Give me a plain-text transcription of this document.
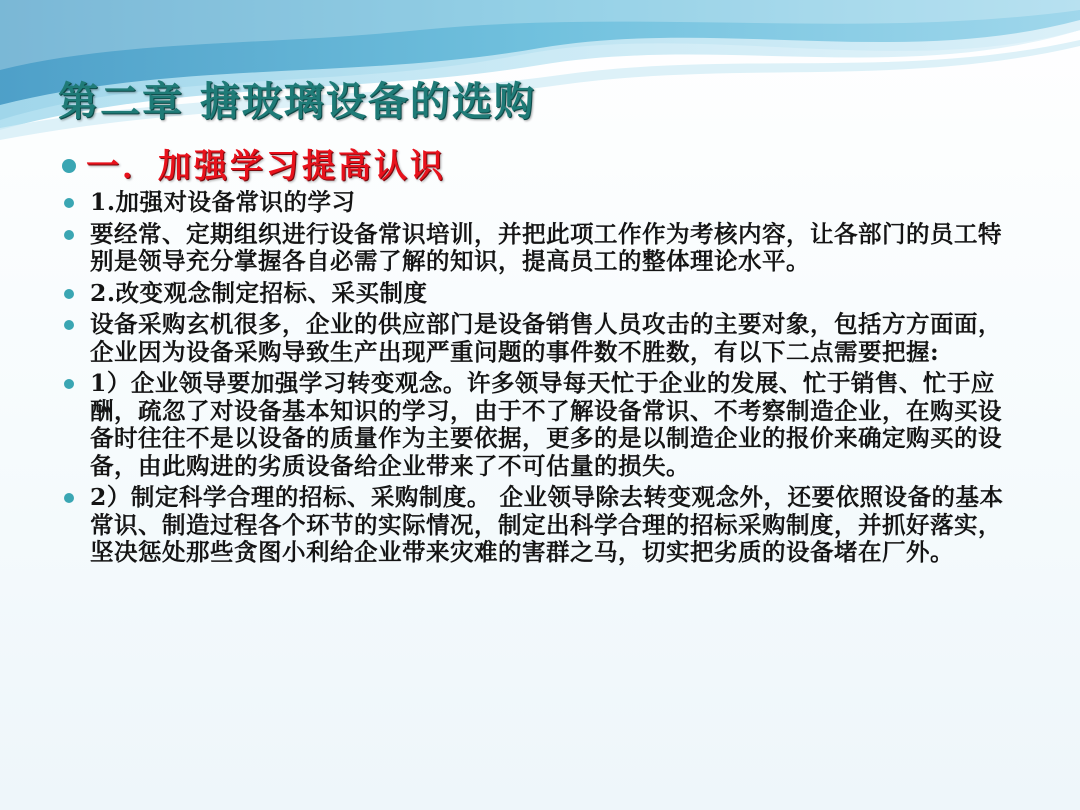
第二章 搪玻璃设备的选购
一．加强学习提高认识
1.加强对设备常识的学习
要经常、定期组织进行设备常识培训，并把此项工作作为考核内容，让各部门的员工特别是领导充分掌握各自必需了解的知识，提高员工的整体理论水平。
2.改变观念制定招标、采买制度
设备采购玄机很多，企业的供应部门是设备销售人员攻击的主要对象，包括方方面面，企业因为设备采购导致生产出现严重问题的事件数不胜数，有以下二点需要把握:
1）企业领导要加强学习转变观念。许多领导每天忙于企业的发展、忙于销售、忙于应酬，疏忽了对设备基本知识的学习，由于不了解设备常识、不考察制造企业，在购买设备时往往不是以设备的质量作为主要依据，更多的是以制造企业的报价来确定购买的设备，由此购进的劣质设备给企业带来了不可估量的损失。
2）制定科学合理的招标、采购制度。 企业领导除去转变观念外，还要依照设备的基本常识、制造过程各个环节的实际情况，制定出科学合理的招标采购制度，并抓好落实，坚决惩处那些贪图小利给企业带来灾难的害群之马，切实把劣质的设备堵在厂外。
